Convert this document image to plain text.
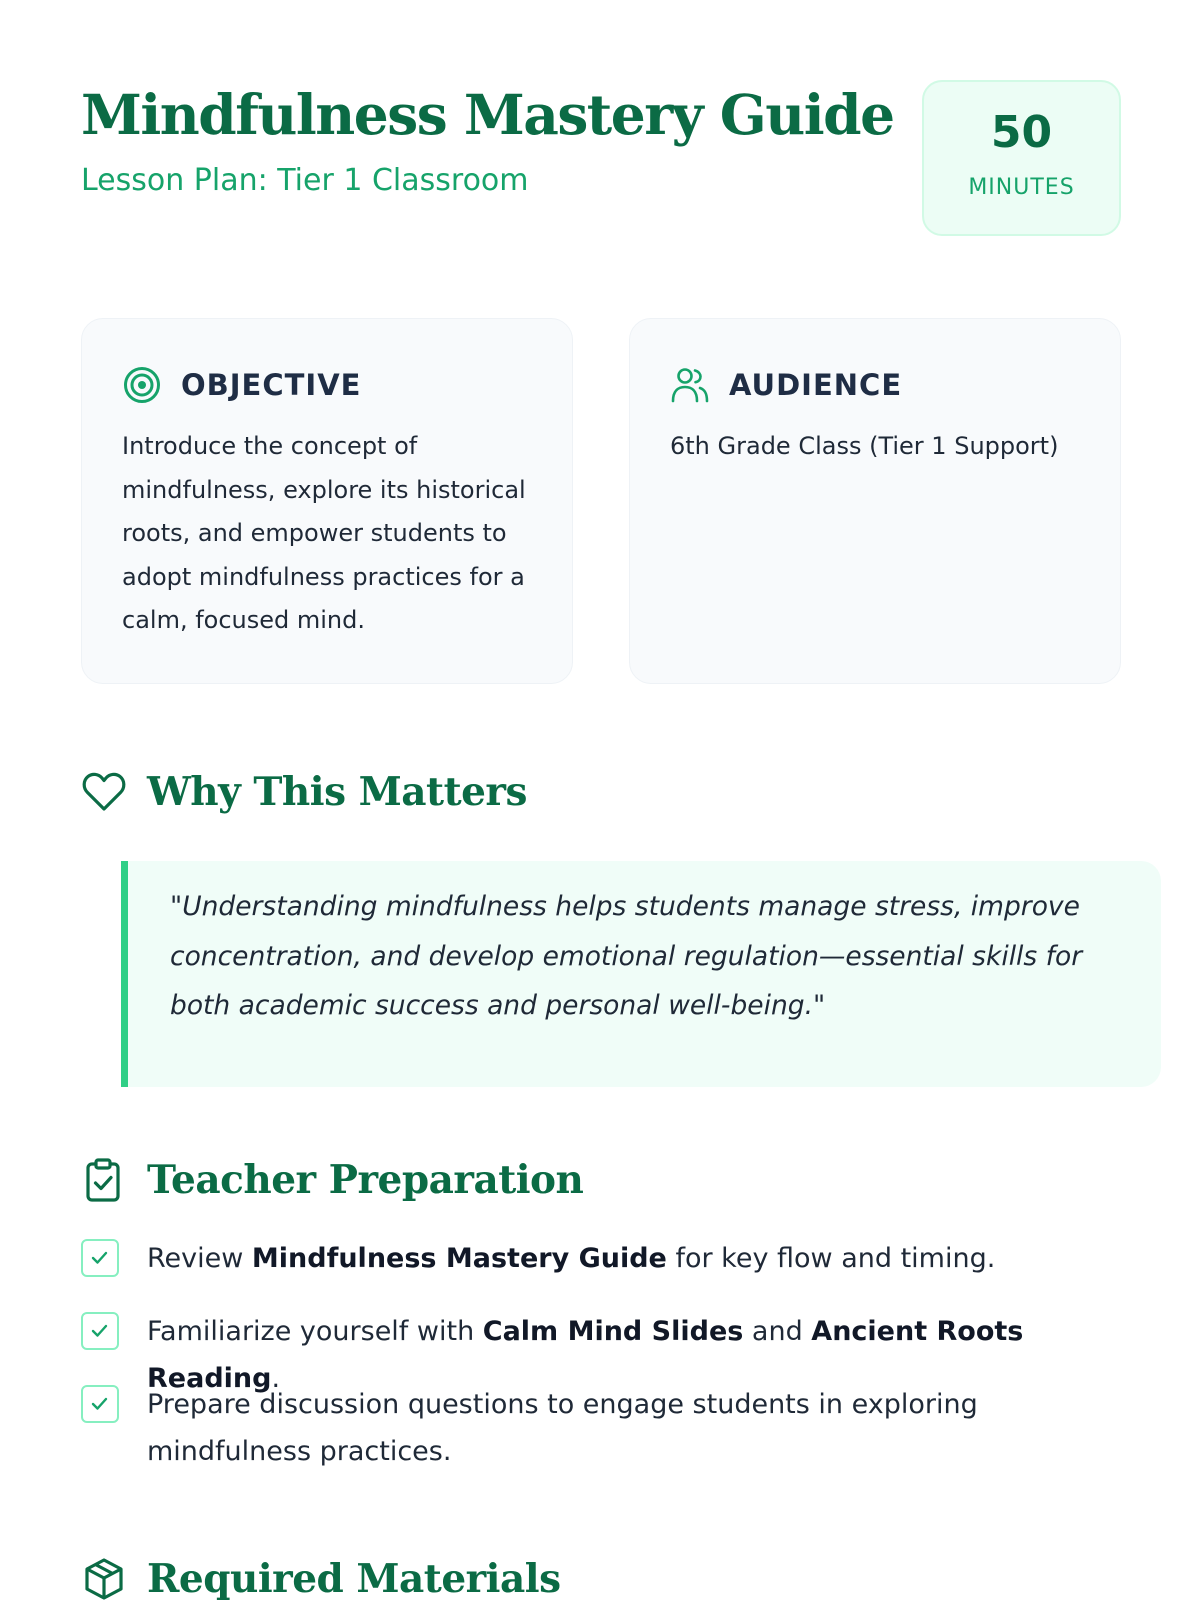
Mindfulness Mastery Guide
Lesson Plan: Tier 1 Classroom
50
MINUTES
OBJECTIVE
Introduce the concept of mindfulness, explore its historical roots, and empower students to adopt mindfulness practices for a calm, focused mind.
AUDIENCE
6th Grade Class (Tier 1 Support)
Why This Matters

"Understanding mindfulness helps students manage stress, improve concentration, and develop emotional regulation—essential skills for both academic success and personal well-being."

Teacher Preparation
Review Mindfulness Mastery Guide for key flow and timing.
Familiarize yourself with Calm Mind Slides and Ancient Roots Reading.
Prepare discussion questions to engage students in exploring mindfulness practices.
Required Materials
